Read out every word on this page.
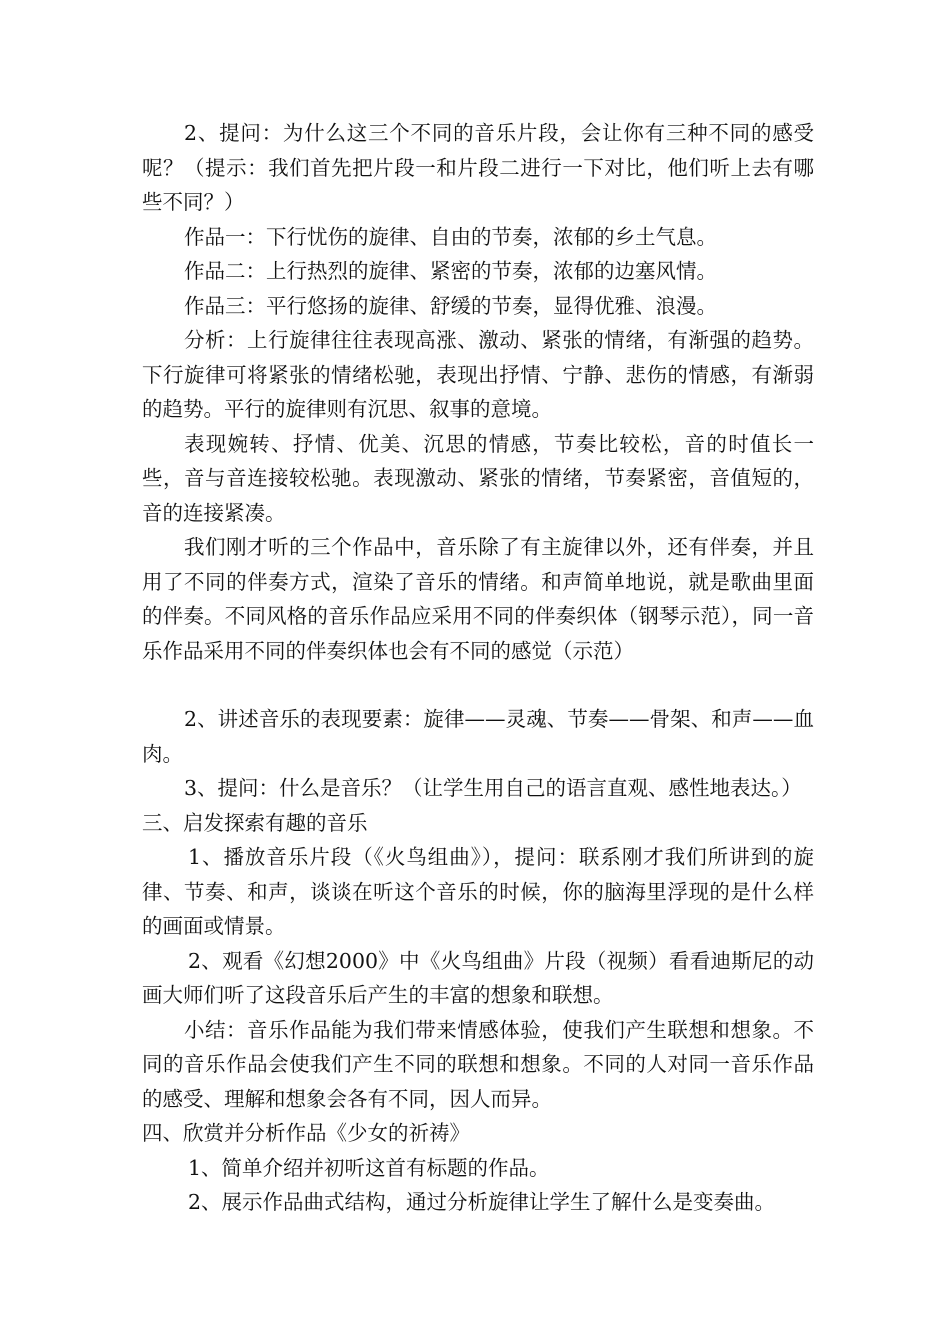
2、提问：为什么这三个不同的音乐片段，会让你有三种不同的感受呢？（提示：我们首先把片段一和片段二进行一下对比，他们听上去有哪些不同？）

作品一：下行忧伤的旋律、自由的节奏，浓郁的乡土气息。

作品二：上行热烈的旋律、紧密的节奏，浓郁的边塞风情。

作品三：平行悠扬的旋律、舒缓的节奏，显得优雅、浪漫。

分析：上行旋律往往表现高涨、激动、紧张的情绪，有渐强的趋势。下行旋律可将紧张的情绪松驰，表现出抒情、宁静、悲伤的情感，有渐弱的趋势。平行的旋律则有沉思、叙事的意境。

表现婉转、抒情、优美、沉思的情感，节奏比较松，音的时值长一些，音与音连接较松驰。表现激动、紧张的情绪，节奏紧密，音值短的，音的连接紧凑。

我们刚才听的三个作品中，音乐除了有主旋律以外，还有伴奏，并且用了不同的伴奏方式，渲染了音乐的情绪。和声简单地说，就是歌曲里面的伴奏。不同风格的音乐作品应采用不同的伴奏织体（钢琴示范），同一音乐作品采用不同的伴奏织体也会有不同的感觉（示范）

2、讲述音乐的表现要素：旋律——灵魂、节奏——骨架、和声——血肉。

3、提问：什么是音乐？（让学生用自己的语言直观、感性地表达。）

三、启发探索有趣的音乐

1、播放音乐片段（《火鸟组曲》），提问：联系刚才我们所讲到的旋律、节奏、和声，谈谈在听这个音乐的时候，你的脑海里浮现的是什么样的画面或情景。

2、观看《幻想2000》中《火鸟组曲》片段（视频）看看迪斯尼的动画大师们听了这段音乐后产生的丰富的想象和联想。

小结：音乐作品能为我们带来情感体验，使我们产生联想和想象。不同的音乐作品会使我们产生不同的联想和想象。不同的人对同一音乐作品的感受、理解和想象会各有不同，因人而异。

四、欣赏并分析作品《少女的祈祷》

1、简单介绍并初听这首有标题的作品。

2、展示作品曲式结构，通过分析旋律让学生了解什么是变奏曲。
